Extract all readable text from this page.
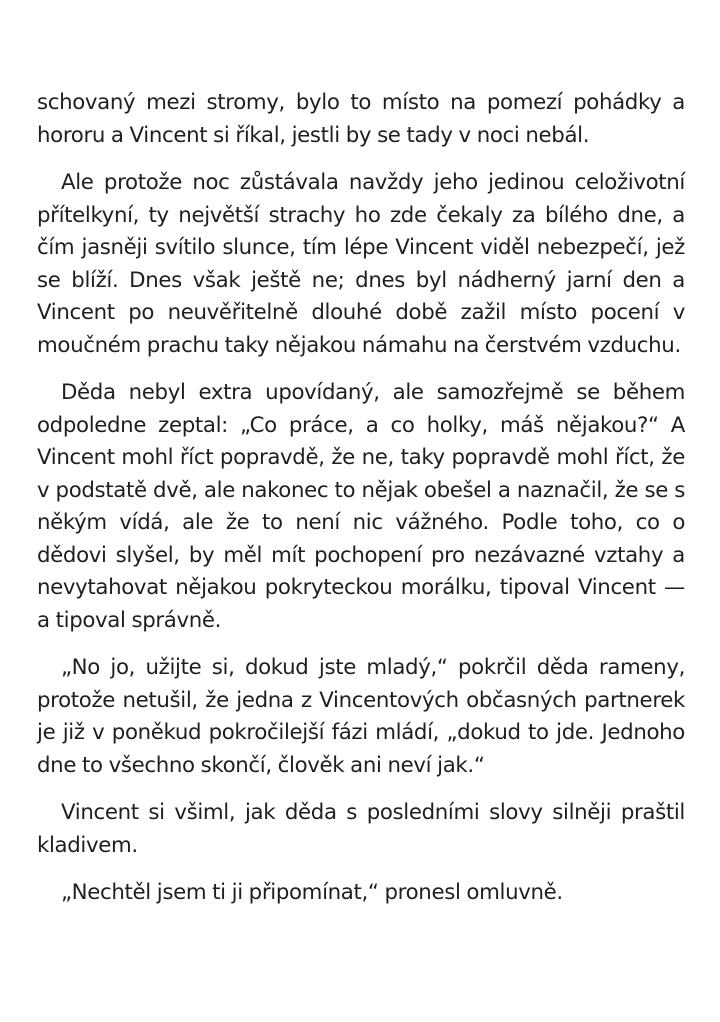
schovaný mezi stromy, bylo to místo na pomezí pohádky a hororu a Vincent si říkal, jestli by se tady v noci nebál.

Ale protože noc zůstávala navždy jeho jedinou celoživotní přítelkyní, ty největší strachy ho zde čekaly za bílého dne, a čím jasněji svítilo slunce, tím lépe Vincent viděl nebezpečí, jež se blíží. Dnes však ještě ne; dnes byl nádherný jarní den a Vincent po neuvěřitelně dlouhé době zažil místo pocení v moučném prachu taky nějakou námahu na čerstvém vzduchu.

Děda nebyl extra upovídaný, ale samozřejmě se během odpoledne zeptal: „Co práce, a co holky, máš nějakou?“ A Vincent mohl říct popravdě, že ne, taky popravdě mohl říct, že v podstatě dvě, ale nakonec to nějak obešel a naznačil, že se s někým vídá, ale že to není nic vážného. Podle toho, co o dědovi slyšel, by měl mít pochopení pro nezávazné vztahy a nevytahovat nějakou pokryteckou morálku, tipoval Vincent — a tipoval správně.

„No jo, užijte si, dokud jste mladý,“ pokrčil děda rameny, protože netušil, že jedna z Vincentových občasných partnerek je již v poněkud pokročilejší fázi mládí, „dokud to jde. Jednoho dne to všechno skončí, člověk ani neví jak.“

Vincent si všiml, jak děda s posledními slovy silněji praštil kladivem.

„Nechtěl jsem ti ji připomínat,“ pronesl omluvně.
